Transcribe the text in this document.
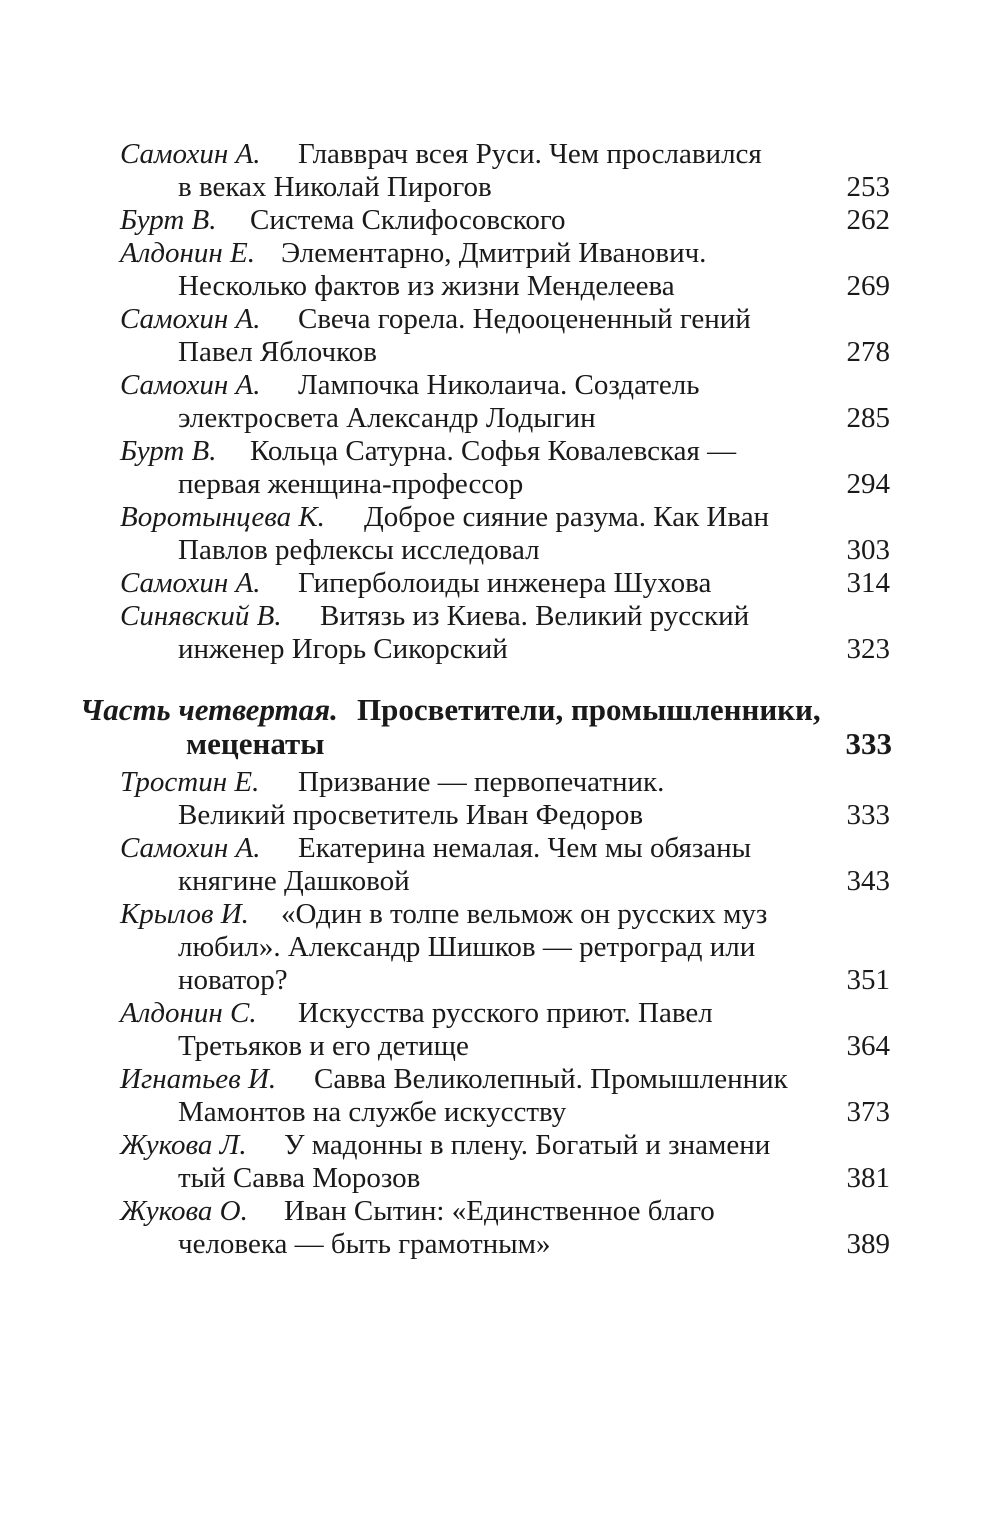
Самохин А. Главврач всея Руси. Чем прославился
в веках Николай Пирогов	253
Бурт В. Система Склифосовского	262
Алдонин Е. Элементарно, Дмитрий Иванович.
Несколько фактов из жизни Менделеева	269
Самохин А. Свеча горела. Недооцененный гений
Павел Яблочков	278
Самохин А. Лампочка Николаича. Создатель
электросвета Александр Лодыгин	285
Бурт В. Кольца Сатурна. Софья Ковалевская —
первая женщина-профессор	294
Воротынцева К. Доброе сияние разума. Как Иван
Павлов рефлексы исследовал	303
Самохин А. Гиперболоиды инженера Шухова	314
Синявский В. Витязь из Киева. Великий русский
инженер Игорь Сикорский	323
Часть четвертая. Просветители, промышленники,
меценаты	333
Тростин Е. Призвание — первопечатник.
Великий просветитель Иван Федоров	333
Самохин А. Екатерина немалая. Чем мы обязаны
княгине Дашковой	343
Крылов И. «Один в толпе вельмож он русских муз
любил». Александр Шишков — ретроград или
новатор?	351
Алдонин С. Искусства русского приют. Павел
Третьяков и его детище	364
Игнатьев И. Савва Великолепный. Промышленник
Мамонтов на службе искусству	373
Жукова Л. У мадонны в плену. Богатый и знамени
тый Савва Морозов	381
Жукова О. Иван Сытин: «Единственное благо
человека — быть грамотным»	389
